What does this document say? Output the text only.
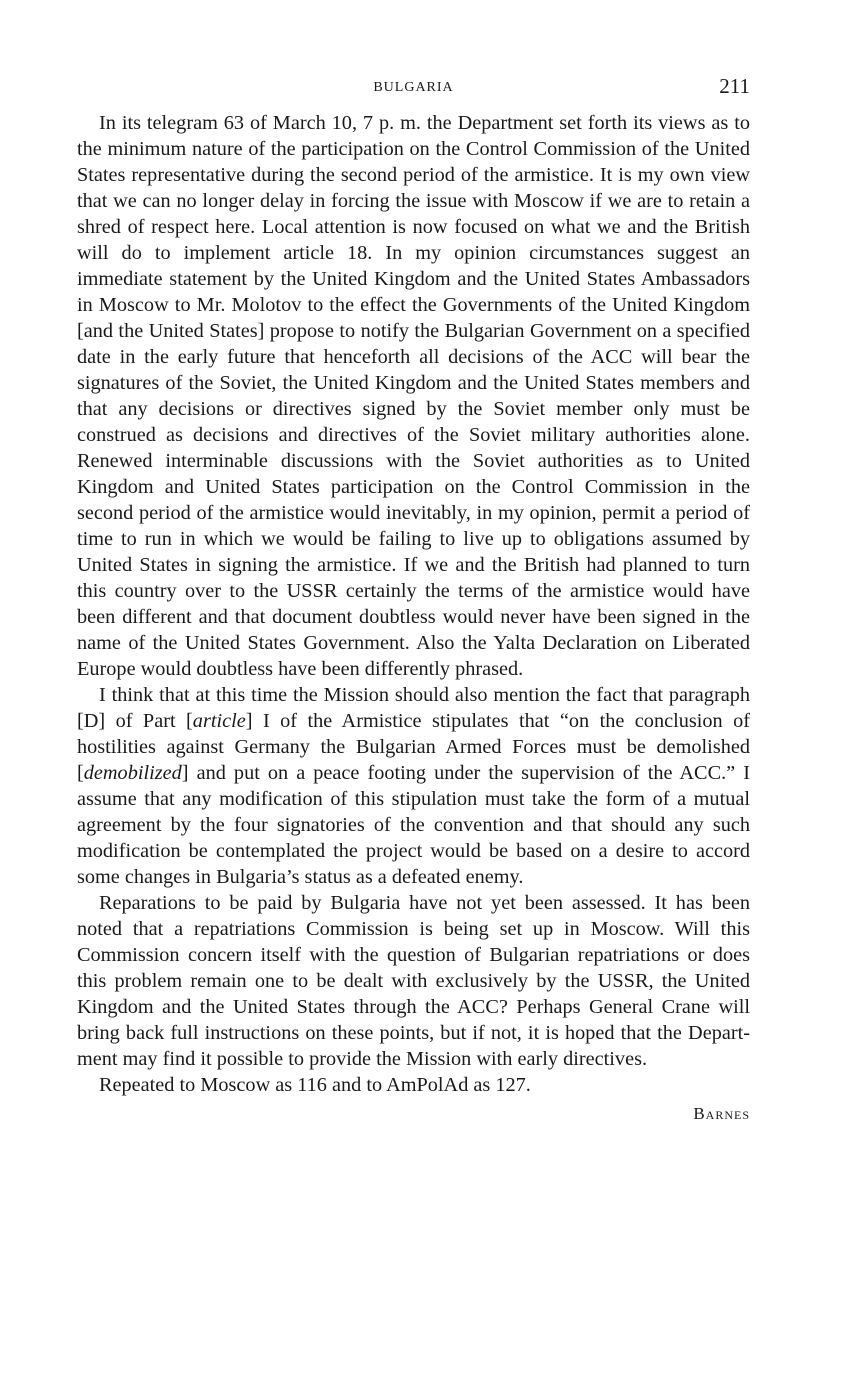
BULGARIA	211

In its telegram 63 of March 10, 7 p. m. the Department set forth its views as to the minimum nature of the participation on the Control Commission of the United States representative during the second period of the armistice. It is my own view that we can no longer delay in forcing the issue with Moscow if we are to retain a shred of respect here. Local attention is now focused on what we and the British will do to implement article 18. In my opinion circumstances suggest an immediate statement by the United Kingdom and the United States Ambassadors in Moscow to Mr. Molotov to the effect the Governments of the United Kingdom [and the United States] propose to notify the Bulgarian Government on a specified date in the early future that henceforth all decisions of the ACC will bear the signatures of the Soviet, the United Kingdom and the United States members and that any decisions or directives signed by the Soviet member only must be construed as decisions and directives of the Soviet military authorities alone. Renewed interminable discussions with the Soviet authorities as to United Kingdom and United States participation on the Control Commission in the second period of the armistice would inevitably, in my opinion, permit a period of time to run in which we would be failing to live up to obligations assumed by United States in signing the armistice. If we and the British had planned to turn this country over to the USSR certainly the terms of the armistice would have been different and that document doubtless would never have been signed in the name of the United States Government. Also the Yalta Declaration on Liberated Europe would doubtless have been differently phrased.

I think that at this time the Mission should also mention the fact that paragraph [D] of Part [article] I of the Armistice stipulates that “on the conclusion of hostilities against Germany the Bulgarian Armed Forces must be demolished [demobilized] and put on a peace footing under the supervision of the ACC.” I assume that any modification of this stipulation must take the form of a mutual agreement by the four signatories of the convention and that should any such modification be contemplated the project would be based on a desire to accord some changes in Bulgaria’s status as a defeated enemy.

Reparations to be paid by Bulgaria have not yet been assessed. It has been noted that a repatriations Commission is being set up in Moscow. Will this Commission concern itself with the question of Bulgarian repatriations or does this problem remain one to be dealt with exclusively by the USSR, the United Kingdom and the United States through the ACC? Perhaps General Crane will bring back full instructions on these points, but if not, it is hoped that the Department may find it possible to provide the Mission with early directives.

Repeated to Moscow as 116 and to AmPolAd as 127.

Barnes
